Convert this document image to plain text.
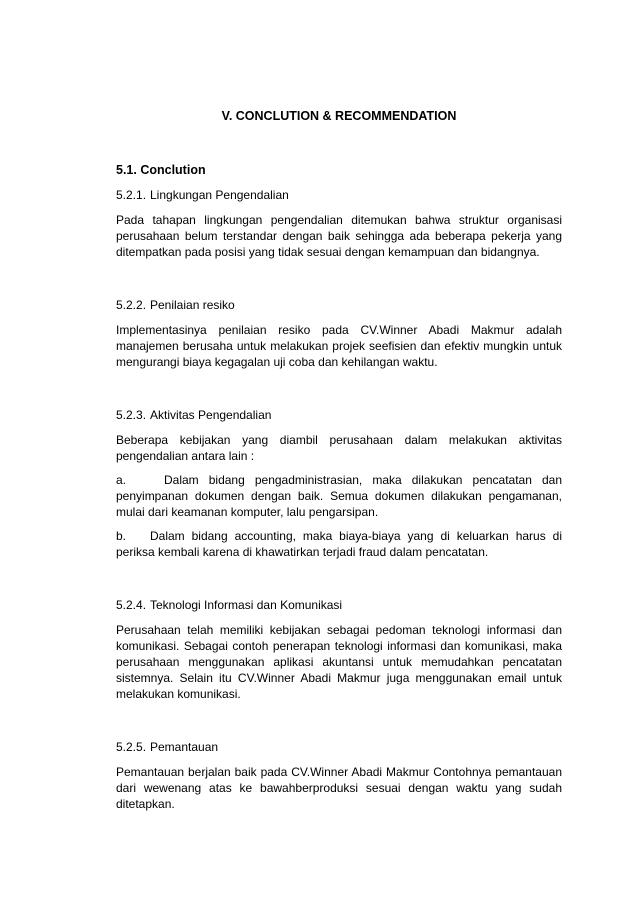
V. CONCLUTION & RECOMMENDATION
5.1. Conclution
5.2.1. Lingkungan Pengendalian

Pada tahapan lingkungan pengendalian ditemukan bahwa struktur organisasi perusahaan belum terstandar dengan baik sehingga ada beberapa pekerja yang ditempatkan pada posisi yang tidak sesuai dengan kemampuan dan bidangnya.

5.2.2. Penilaian resiko

Implementasinya penilaian resiko pada CV.Winner Abadi Makmur adalah manajemen berusaha untuk melakukan projek seefisien dan efektiv mungkin untuk mengurangi biaya kegagalan uji coba dan kehilangan waktu.

5.2.3. Aktivitas Pengendalian

Beberapa kebijakan yang diambil perusahaan dalam melakukan aktivitas pengendalian antara lain :

a.	Dalam bidang pengadministrasian, maka dilakukan pencatatan dan penyimpanan dokumen dengan baik. Semua dokumen dilakukan pengamanan, mulai dari keamanan komputer, lalu pengarsipan.

b. Dalam bidang accounting, maka biaya-biaya yang di keluarkan harus di periksa kembali karena di khawatirkan terjadi fraud dalam pencatatan.

5.2.4. Teknologi Informasi dan Komunikasi

Perusahaan telah memiliki kebijakan sebagai pedoman teknologi informasi dan komunikasi. Sebagai contoh penerapan teknologi informasi dan komunikasi, maka perusahaan menggunakan aplikasi akuntansi untuk memudahkan pencatatan sistemnya. Selain itu CV.Winner Abadi Makmur juga menggunakan email untuk melakukan komunikasi.

5.2.5. Pemantauan

Pemantauan berjalan baik pada CV.Winner Abadi Makmur Contohnya pemantauan dari wewenang atas ke bawahberproduksi sesuai dengan waktu yang sudah ditetapkan.
